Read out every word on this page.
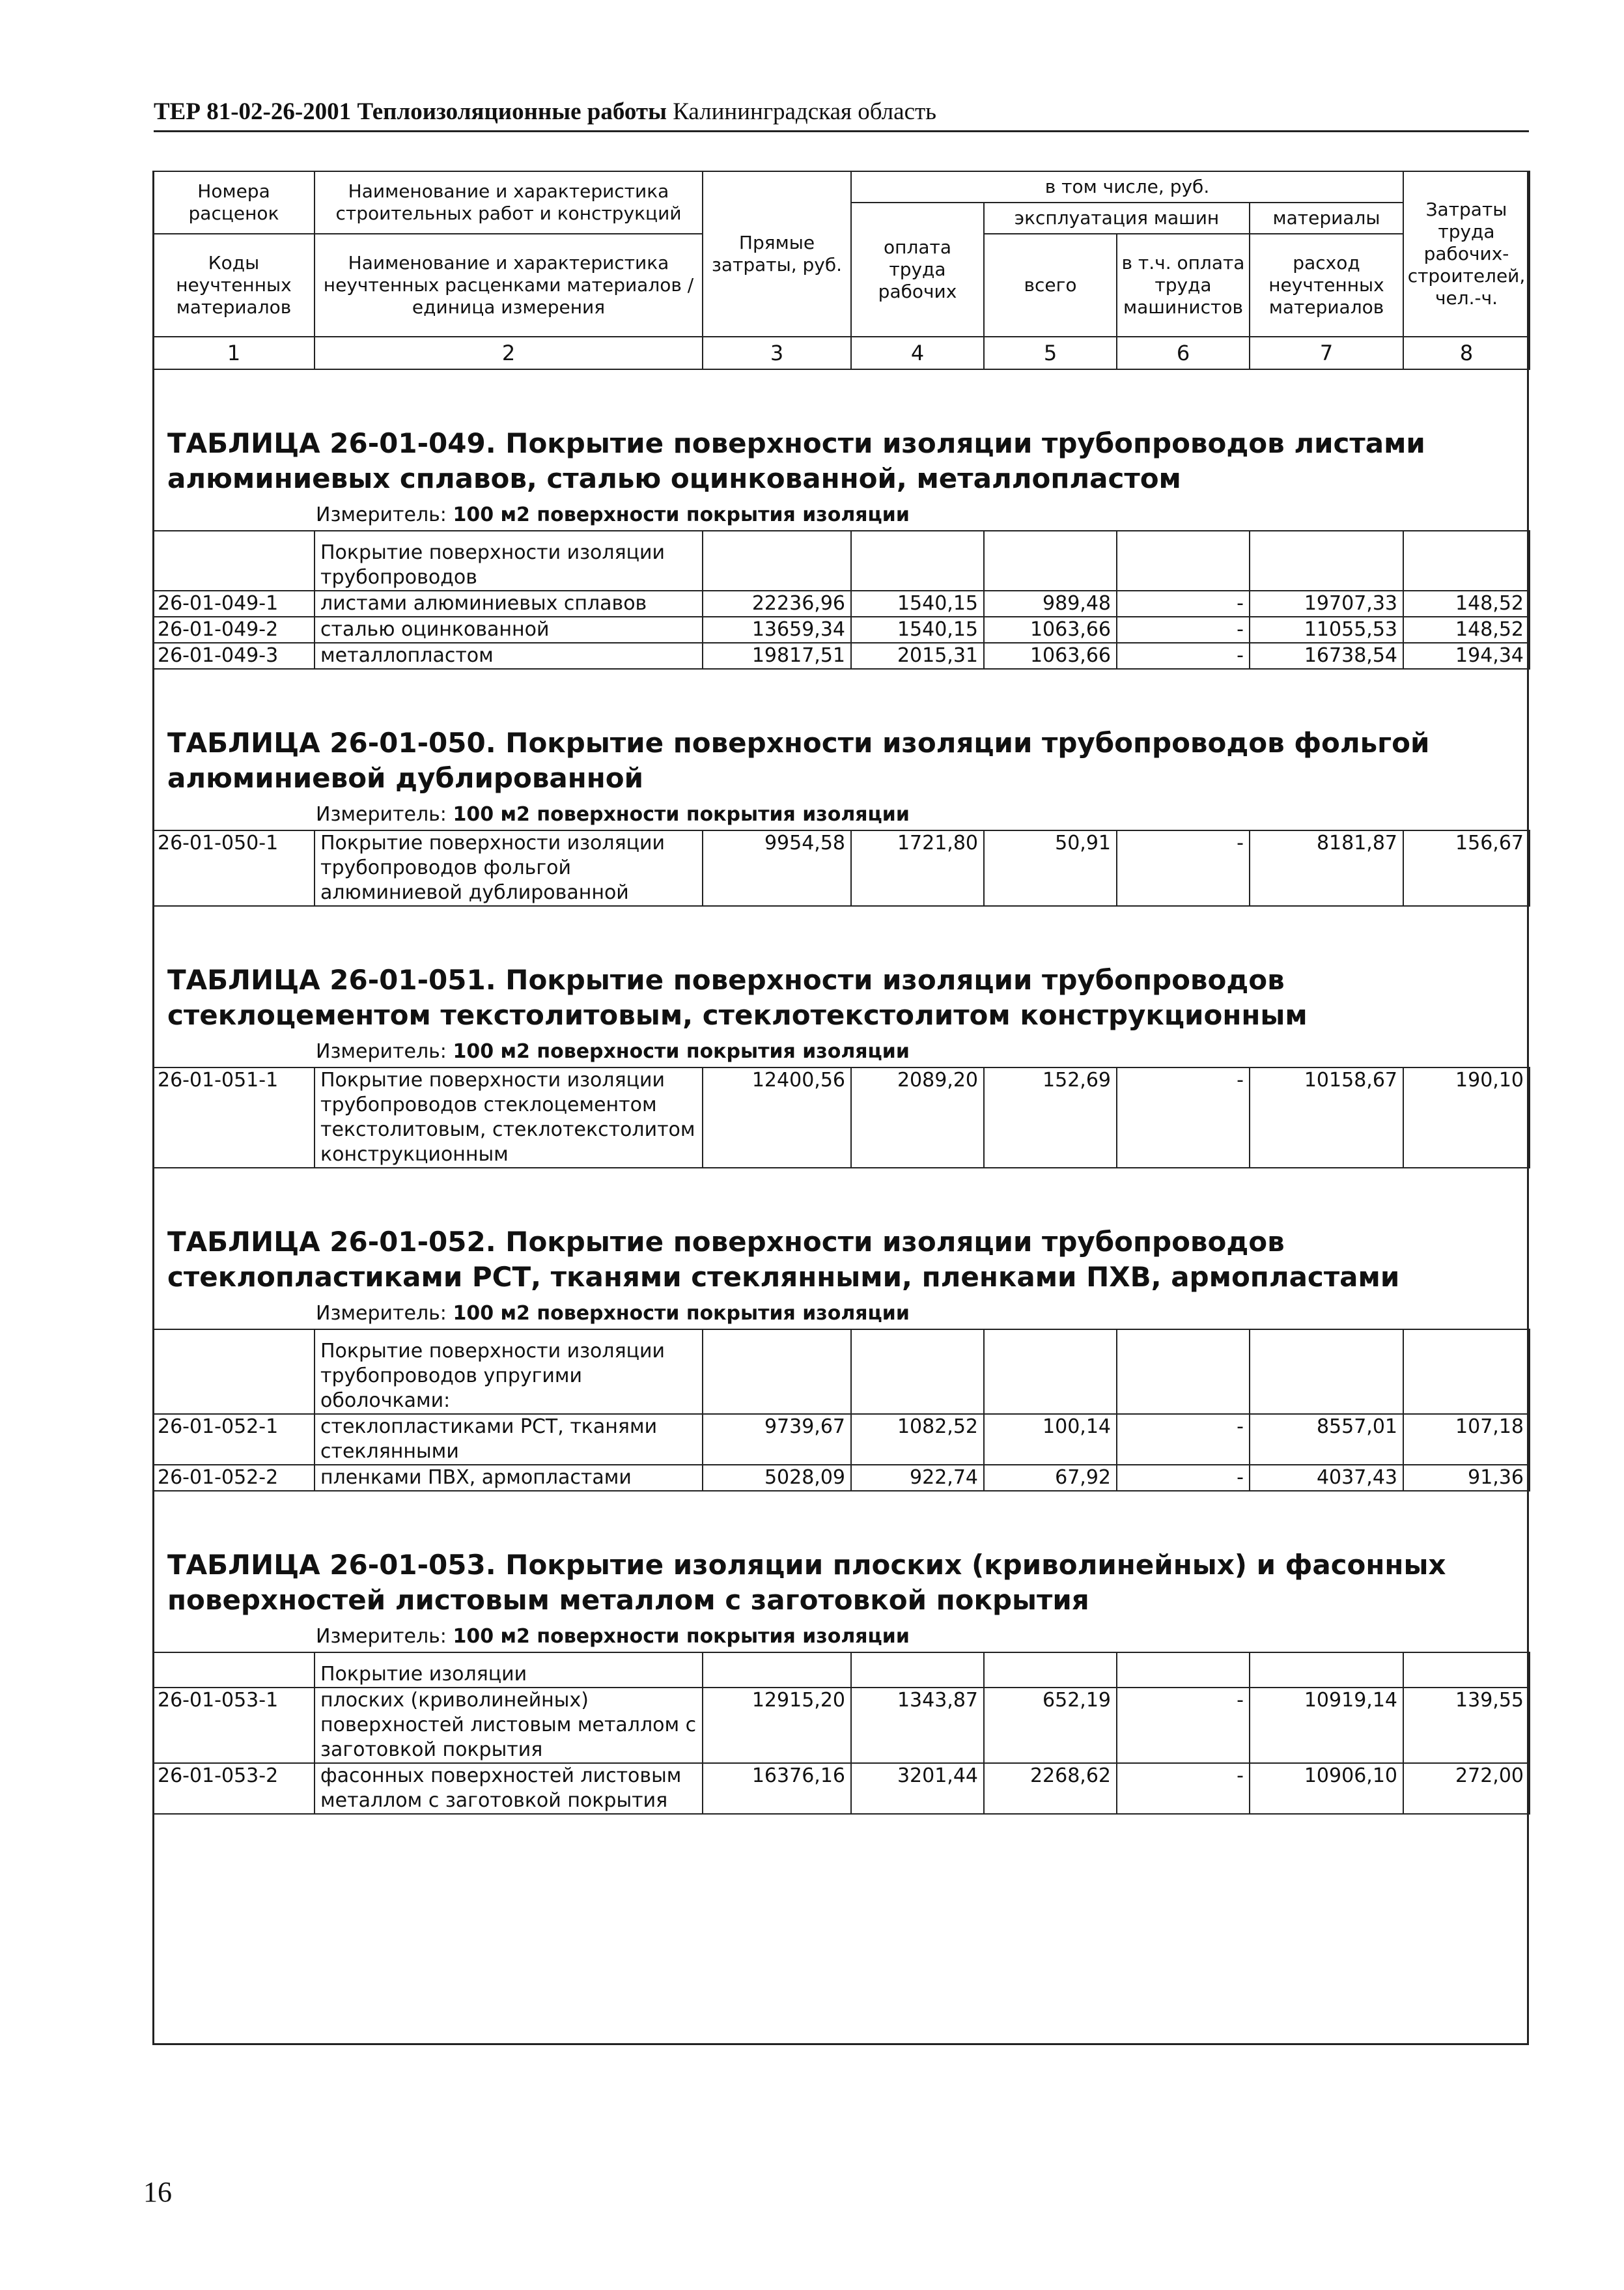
ТЕР 81-02-26-2001 Теплоизоляционные работы Калининградская область
Номера расценок	Наименование и характеристика строительных работ и конструкций	Прямые затраты, руб.	в том числе, руб.				Затраты труда рабочих-строителей, чел.-ч.
			оплата труда рабочих	эксплуатация машин		материалы	
Коды неучтенных материалов	Наименование и характеристика неучтенных расценками материалов / единица измерения			всего	в т.ч. оплата труда машинистов	расход неучтенных материалов	

1	2	3	4	5	6	7	8

ТАБЛИЦА 26-01-049. Покрытие поверхности изоляции трубопроводов листами алюминиевых сплавов, сталью оцинкованной, металлопластом
Измеритель: 100 м2 поверхности покрытия изоляции							

	Покрытие поверхности изоляции трубопроводов						
26-01-049-1	листами алюминиевых сплавов	22236,96	1540,15	989,48	-	19707,33	148,52
26-01-049-2	сталью оцинкованной	13659,34	1540,15	1063,66	-	11055,53	148,52
26-01-049-3	металлопластом	19817,51	2015,31	1063,66	-	16738,54	194,34

ТАБЛИЦА 26-01-050. Покрытие поверхности изоляции трубопроводов фольгой алюминиевой дублированной
Измеритель: 100 м2 поверхности покрытия изоляции							

26-01-050-1	Покрытие поверхности изоляции трубопроводов фольгой алюминиевой дублированной	9954,58	1721,80	50,91	-	8181,87	156,67

ТАБЛИЦА 26-01-051. Покрытие поверхности изоляции трубопроводов стеклоцементом текстолитовым, стеклотекстолитом конструкционным
Измеритель: 100 м2 поверхности покрытия изоляции							

26-01-051-1	Покрытие поверхности изоляции трубопроводов стеклоцементом текстолитовым, стеклотекстолитом конструкционным	12400,56	2089,20	152,69	-	10158,67	190,10

ТАБЛИЦА 26-01-052. Покрытие поверхности изоляции трубопроводов стеклопластиками РСТ, тканями стеклянными, пленками ПХВ, армопластами
Измеритель: 100 м2 поверхности покрытия изоляции							

	Покрытие поверхности изоляции трубопроводов упругими оболочками:						
26-01-052-1	стеклопластиками РСТ, тканями стеклянными	9739,67	1082,52	100,14	-	8557,01	107,18
26-01-052-2	пленками ПВХ, армопластами	5028,09	922,74	67,92	-	4037,43	91,36

ТАБЛИЦА 26-01-053. Покрытие изоляции плоских (криволинейных) и фасонных поверхностей листовым металлом с заготовкой покрытия
Измеритель: 100 м2 поверхности покрытия изоляции							

	Покрытие изоляции						
26-01-053-1	плоских (криволинейных) поверхностей листовым металлом с заготовкой покрытия	12915,20	1343,87	652,19	-	10919,14	139,55
26-01-053-2	фасонных поверхностей листовым металлом с заготовкой покрытия	16376,16	3201,44	2268,62	-	10906,10	272,00
16
